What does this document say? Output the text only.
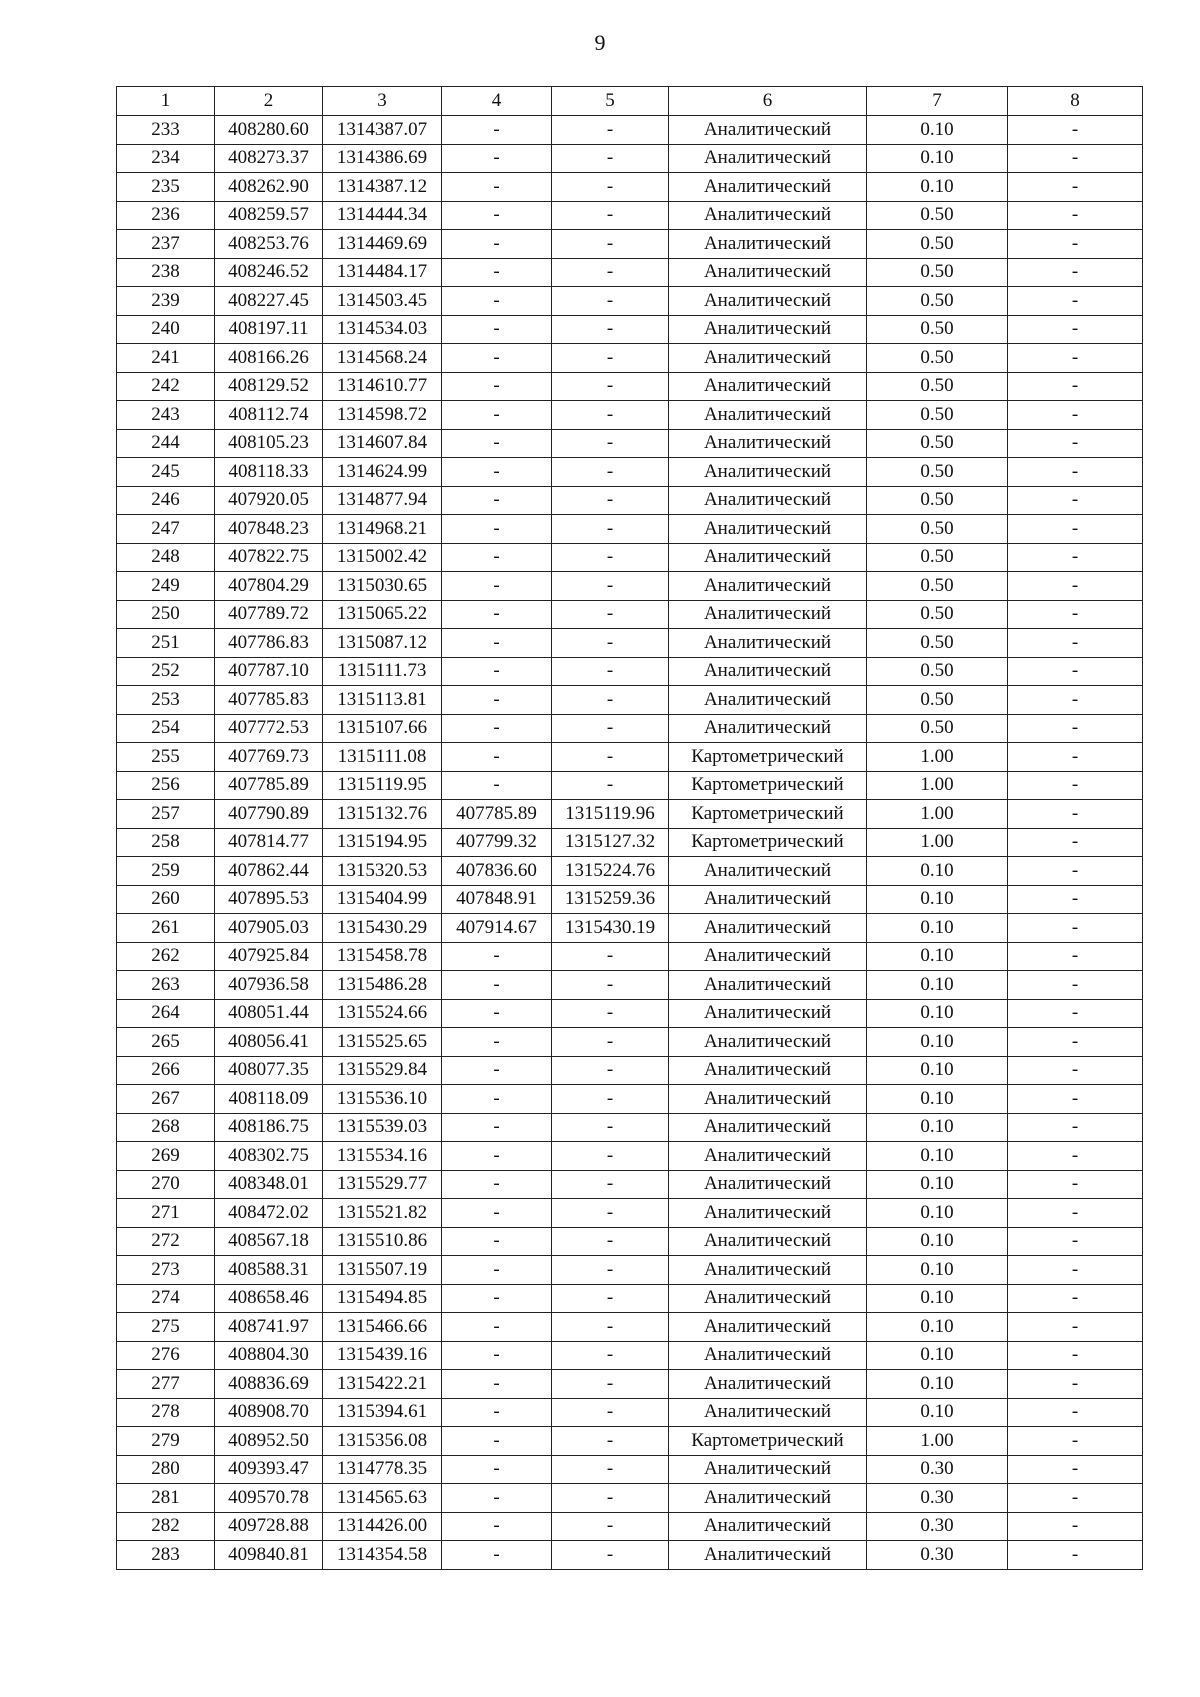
9
1	2	3	4	5	6	7	8
233	408280.60	1314387.07	-	-	Аналитический	0.10	-
234	408273.37	1314386.69	-	-	Аналитический	0.10	-
235	408262.90	1314387.12	-	-	Аналитический	0.10	-
236	408259.57	1314444.34	-	-	Аналитический	0.50	-
237	408253.76	1314469.69	-	-	Аналитический	0.50	-
238	408246.52	1314484.17	-	-	Аналитический	0.50	-
239	408227.45	1314503.45	-	-	Аналитический	0.50	-
240	408197.11	1314534.03	-	-	Аналитический	0.50	-
241	408166.26	1314568.24	-	-	Аналитический	0.50	-
242	408129.52	1314610.77	-	-	Аналитический	0.50	-
243	408112.74	1314598.72	-	-	Аналитический	0.50	-
244	408105.23	1314607.84	-	-	Аналитический	0.50	-
245	408118.33	1314624.99	-	-	Аналитический	0.50	-
246	407920.05	1314877.94	-	-	Аналитический	0.50	-
247	407848.23	1314968.21	-	-	Аналитический	0.50	-
248	407822.75	1315002.42	-	-	Аналитический	0.50	-
249	407804.29	1315030.65	-	-	Аналитический	0.50	-
250	407789.72	1315065.22	-	-	Аналитический	0.50	-
251	407786.83	1315087.12	-	-	Аналитический	0.50	-
252	407787.10	1315111.73	-	-	Аналитический	0.50	-
253	407785.83	1315113.81	-	-	Аналитический	0.50	-
254	407772.53	1315107.66	-	-	Аналитический	0.50	-
255	407769.73	1315111.08	-	-	Картометрический	1.00	-
256	407785.89	1315119.95	-	-	Картометрический	1.00	-
257	407790.89	1315132.76	407785.89	1315119.96	Картометрический	1.00	-
258	407814.77	1315194.95	407799.32	1315127.32	Картометрический	1.00	-
259	407862.44	1315320.53	407836.60	1315224.76	Аналитический	0.10	-
260	407895.53	1315404.99	407848.91	1315259.36	Аналитический	0.10	-
261	407905.03	1315430.29	407914.67	1315430.19	Аналитический	0.10	-
262	407925.84	1315458.78	-	-	Аналитический	0.10	-
263	407936.58	1315486.28	-	-	Аналитический	0.10	-
264	408051.44	1315524.66	-	-	Аналитический	0.10	-
265	408056.41	1315525.65	-	-	Аналитический	0.10	-
266	408077.35	1315529.84	-	-	Аналитический	0.10	-
267	408118.09	1315536.10	-	-	Аналитический	0.10	-
268	408186.75	1315539.03	-	-	Аналитический	0.10	-
269	408302.75	1315534.16	-	-	Аналитический	0.10	-
270	408348.01	1315529.77	-	-	Аналитический	0.10	-
271	408472.02	1315521.82	-	-	Аналитический	0.10	-
272	408567.18	1315510.86	-	-	Аналитический	0.10	-
273	408588.31	1315507.19	-	-	Аналитический	0.10	-
274	408658.46	1315494.85	-	-	Аналитический	0.10	-
275	408741.97	1315466.66	-	-	Аналитический	0.10	-
276	408804.30	1315439.16	-	-	Аналитический	0.10	-
277	408836.69	1315422.21	-	-	Аналитический	0.10	-
278	408908.70	1315394.61	-	-	Аналитический	0.10	-
279	408952.50	1315356.08	-	-	Картометрический	1.00	-
280	409393.47	1314778.35	-	-	Аналитический	0.30	-
281	409570.78	1314565.63	-	-	Аналитический	0.30	-
282	409728.88	1314426.00	-	-	Аналитический	0.30	-
283	409840.81	1314354.58	-	-	Аналитический	0.30	-
